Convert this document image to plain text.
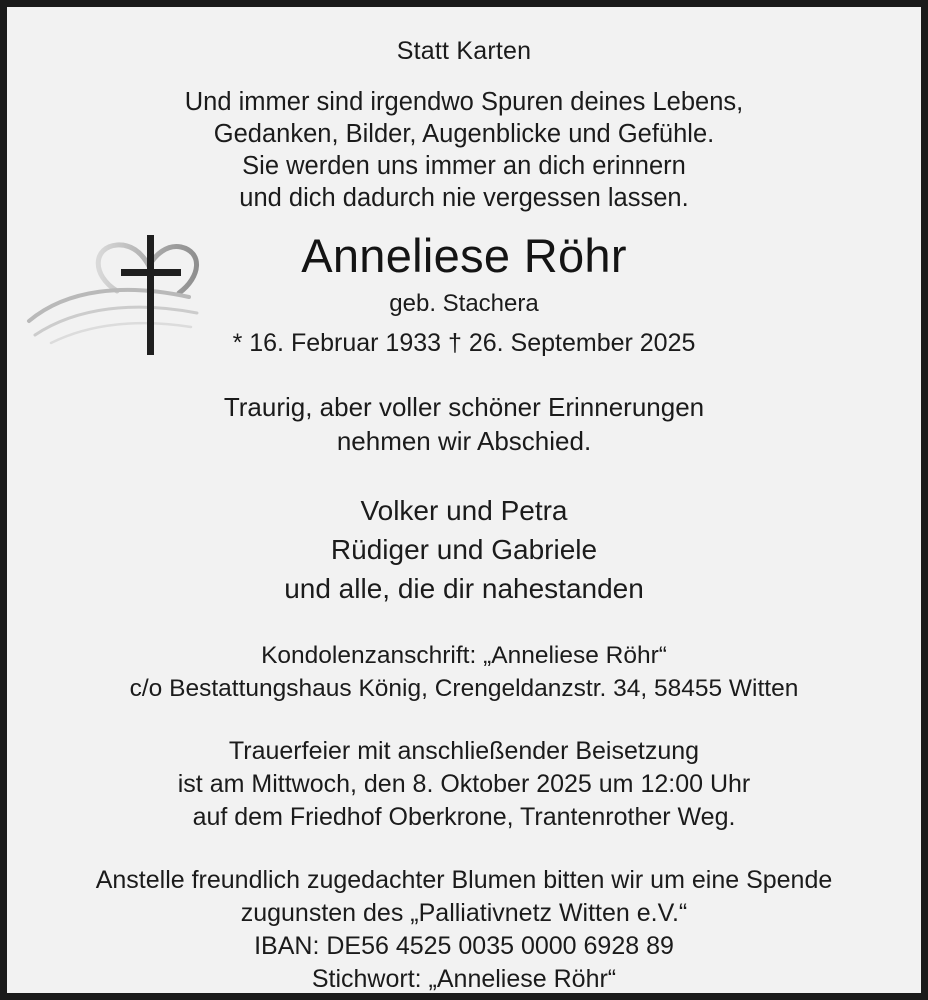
Statt Karten
Und immer sind irgendwo Spuren deines Lebens,
Gedanken, Bilder, Augenblicke und Gefühle.
Sie werden uns immer an dich erinnern
und dich dadurch nie vergessen lassen.
Anneliese Röhr
geb. Stachera
* 16. Februar 1933 † 26. September 2025
Traurig, aber voller schöner Erinnerungen
nehmen wir Abschied.
Volker und Petra
Rüdiger und Gabriele
und alle, die dir nahestanden
Kondolenzanschrift: „Anneliese Röhr“
c/o Bestattungshaus König, Crengeldanzstr. 34, 58455 Witten
Trauerfeier mit anschließender Beisetzung
ist am Mittwoch, den 8. Oktober 2025 um 12:00 Uhr
auf dem Friedhof Oberkrone, Trantenrother Weg.
Anstelle freundlich zugedachter Blumen bitten wir um eine Spende
zugunsten des „Palliativnetz Witten e.V.“
IBAN: DE56 4525 0035 0000 6928 89
Stichwort: „Anneliese Röhr“
